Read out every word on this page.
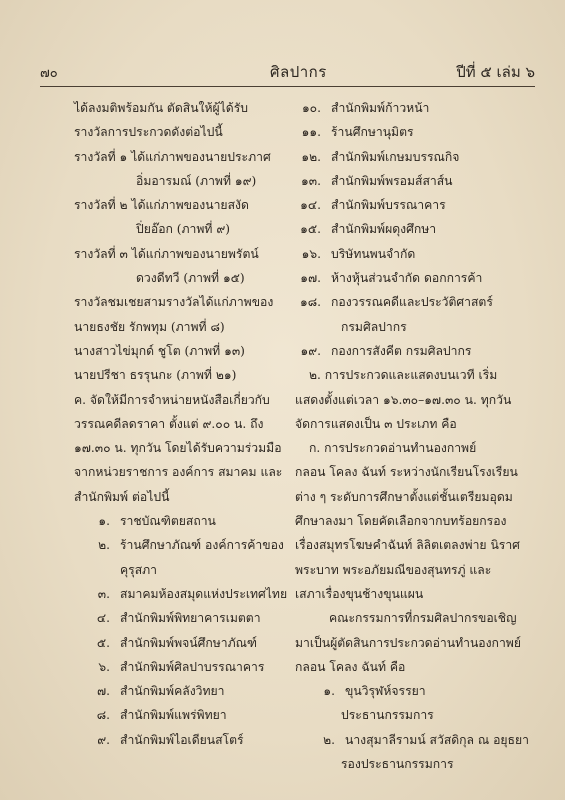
๗๐	ศิลปากร	ปีที่ ๕ เล่ม ๖
ได้ลงมติพร้อมกัน ตัดสินให้ผู้ได้รับ
รางวัลการประกวดดังต่อไปนี้
รางวัลที่ ๑ ได้แก่ภาพของนายประภาศ
อิ่มอารมณ์ (ภาพที่ ๑๙)
รางวัลที่ ๒ ได้แก่ภาพของนายสงัด
ปิ่ยอ๊อก (ภาพที่ ๙)
รางวัลที่ ๓ ได้แก่ภาพของนายพรัตน์
ดวงดีทวี (ภาพที่ ๑๕)
รางวัลชมเชยสามรางวัลได้แก่ภาพของ
นายธงชัย รักพทุม (ภาพที่ ๘)
นางสาวไข่มุกด์ ชูโต (ภาพที่ ๑๓)
นายปรีชา ธรรุนกะ (ภาพที่ ๒๑)
ค. จัดให้มีการจำหน่ายหนังสือเกี่ยวกับ
วรรณคดีลดราคา ตั้งแต่ ๙.๐๐ น. ถึง
๑๗.๓๐ น. ทุกวัน โดยได้รับความร่วมมือ
จากหน่วยราชการ องค์การ สมาคม และ
สำนักพิมพ์ ต่อไปนี้
๑. ราชบัณฑิตยสถาน
๒. ร้านศึกษาภัณฑ์ องค์การค้าของ
คุรุสภา
๓. สมาคมห้องสมุดแห่งประเทศไทย
๔. สำนักพิมพ์พิทยาคารเมตตา
๕. สำนักพิมพ์พจน์ศึกษาภัณฑ์
๖. สำนักพิมพ์ศิลปาบรรณาคาร
๗. สำนักพิมพ์คลังวิทยา
๘. สำนักพิมพ์แพร่พิทยา
๙. สำนักพิมพ์ไอเดียนสโตร์
๑๐. สำนักพิมพ์ก้าวหน้า
๑๑. ร้านศึกษานุมิตร
๑๒. สำนักพิมพ์เกษมบรรณกิจ
๑๓. สำนักพิมพ์พรอมส์สาส์น
๑๔. สำนักพิมพ์บรรณาคาร
๑๕. สำนักพิมพ์ผดุงศึกษา
๑๖. บริษัทนพนจำกัด
๑๗. ห้างหุ้นส่วนจำกัด ดอกการค้า
๑๘. กองวรรณคดีและประวัติศาสตร์
กรมศิลปากร
๑๙. กองการสังคีต กรมศิลปากร
๒. การประกวดและแสดงบนเวที เริ่ม
แสดงตั้งแต่เวลา ๑๖.๓๐–๑๗.๓๐ น. ทุกวัน
จัดการแสดงเป็น ๓ ประเภท คือ
ก. การประกวดอ่านทำนองกาพย์
กลอน โคลง ฉันท์ ระหว่างนักเรียนโรงเรียน
ต่าง ๆ ระดับการศึกษาตั้งแต่ชั้นเตรียมอุดม
ศึกษาลงมา โดยคัดเลือกจากบทร้อยกรอง
เรื่องสมุทรโฆษคำฉันท์ ลิลิตเตลงพ่าย นิราศ
พระบาท พระอภัยมณีของสุนทรภู่ และ
เสภาเรื่องขุนช้างขุนแผน
คณะกรรมการที่กรมศิลปากรขอเชิญ
มาเป็นผู้ตัดสินการประกวดอ่านทำนองกาพย์
กลอน โคลง ฉันท์ คือ
๑. ขุนวิรุฬห์จรรยา
ประธานกรรมการ
๒. นางสุมาลีรามน์ สวัสดิกุล ณ อยุธยา
รองประธานกรรมการ
